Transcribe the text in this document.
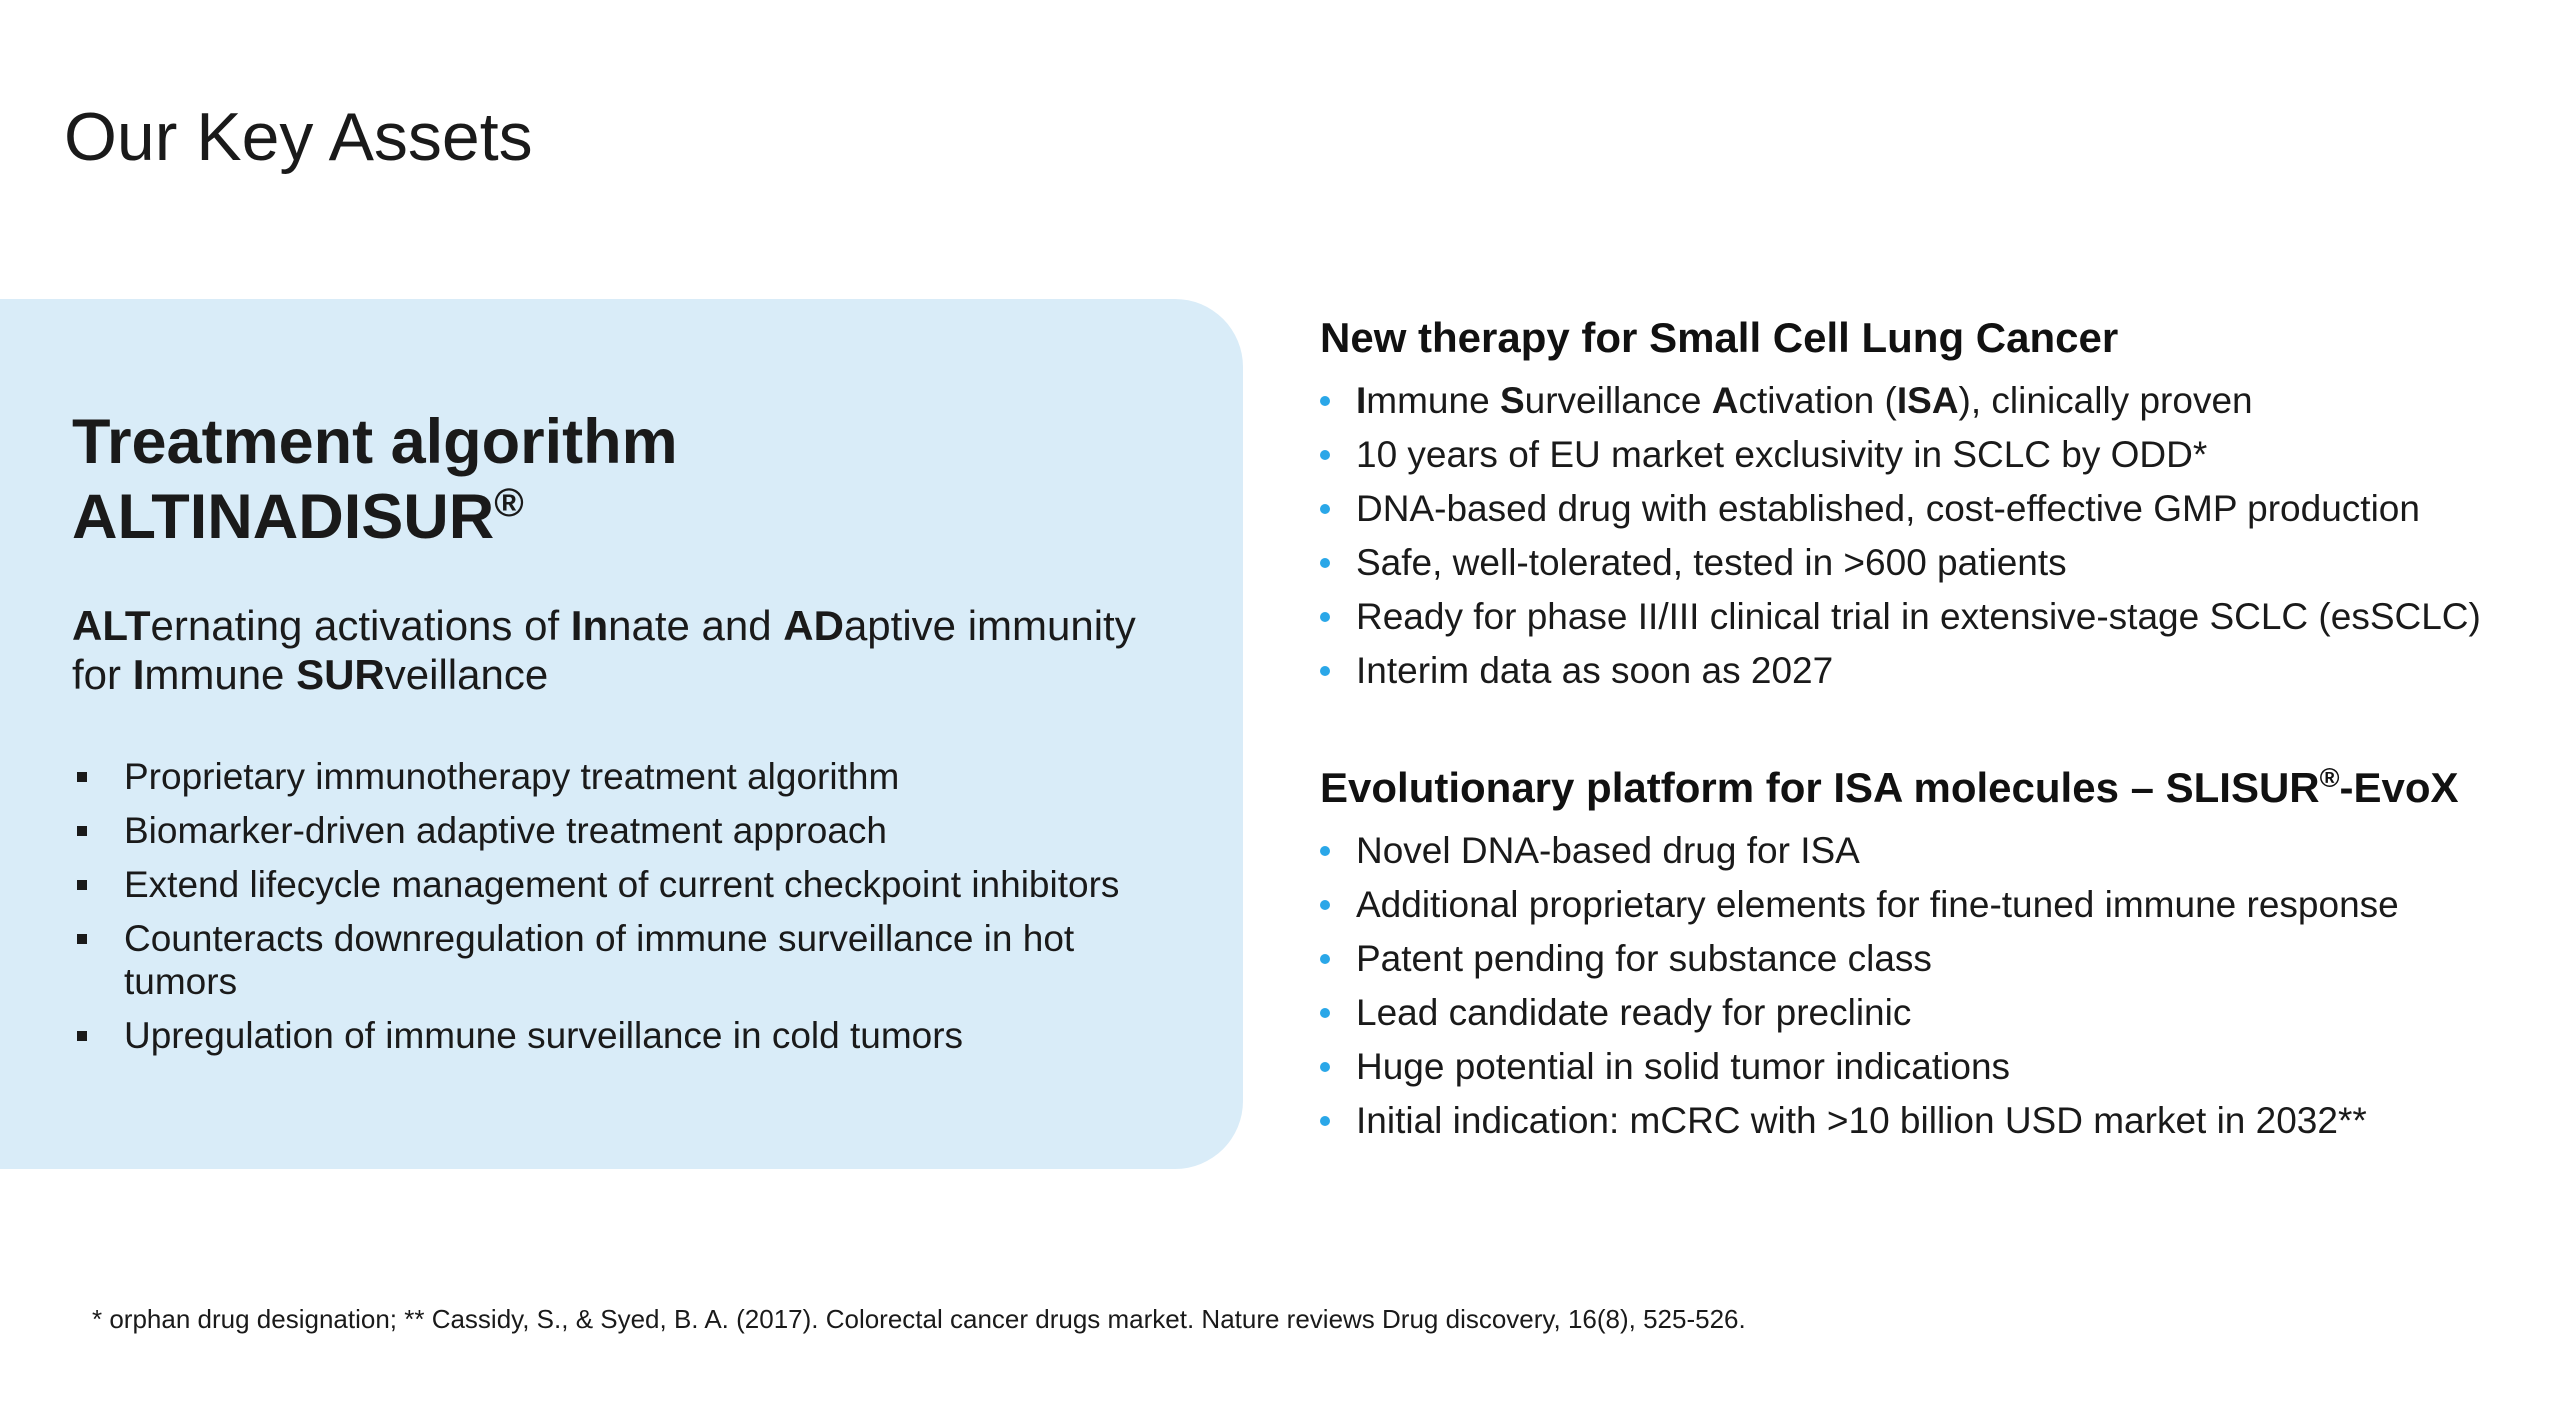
Our Key Assets
Treatment algorithm
ALTINADISUR®
ALTernating activations of Innate and ADaptive immunity for Immune SURveillance
Proprietary immunotherapy treatment algorithm
Biomarker-driven adaptive treatment approach
Extend lifecycle management of current checkpoint inhibitors
Counteracts downregulation of immune surveillance in hot tumors
Upregulation of immune surveillance in cold tumors
New therapy for Small Cell Lung Cancer
Immune Surveillance Activation (ISA), clinically proven
10 years of EU market exclusivity in SCLC by ODD*
DNA-based drug with established, cost-effective GMP production
Safe, well-tolerated, tested in >600 patients
Ready for phase II/III clinical trial in extensive-stage SCLC (esSCLC)
Interim data as soon as 2027
Evolutionary platform for ISA molecules – SLISUR®-EvoX
Novel DNA-based drug for ISA
Additional proprietary elements for fine-tuned immune response
Patent pending for substance class
Lead candidate ready for preclinic
Huge potential in solid tumor indications
Initial indication: mCRC with >10 billion USD market in 2032**
* orphan drug designation; ** Cassidy, S., & Syed, B. A. (2017). Colorectal cancer drugs market. Nature reviews Drug discovery, 16(8), 525-526.
